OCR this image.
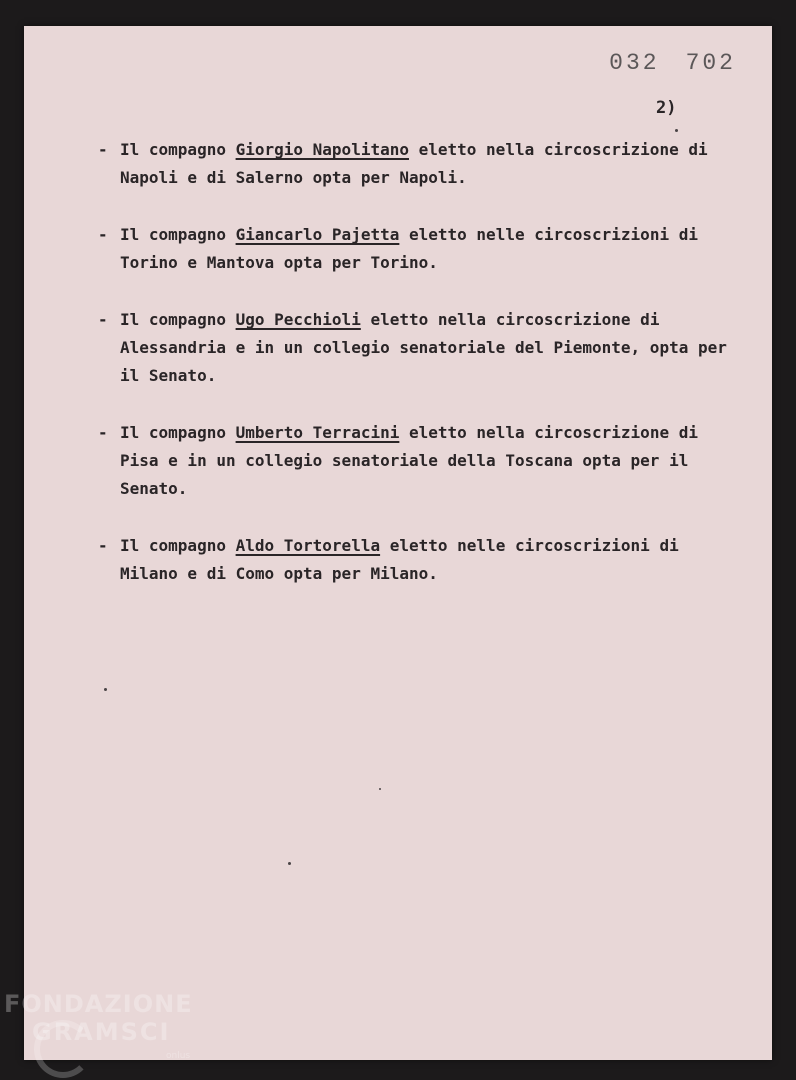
032 702
2)
- Il compagno Giorgio Napolitano eletto nella circoscrizione di Napoli e di Salerno opta per Napoli.
- Il compagno Giancarlo Pajetta eletto nelle circoscrizioni di Torino e Mantova opta per Torino.
- Il compagno Ugo Pecchioli eletto nella circoscrizione di Alessandria e in un collegio senatoriale del Piemonte, opta per il Senato.
- Il compagno Umberto Terracini eletto nella circoscrizione di Pisa e in un collegio senatoriale della Toscana opta per il Senato.
- Il compagno Aldo Tortorella eletto nelle circoscrizioni di Milano e di Como opta per Milano.
FONDAZIONE
GRAMSCI
onlus
